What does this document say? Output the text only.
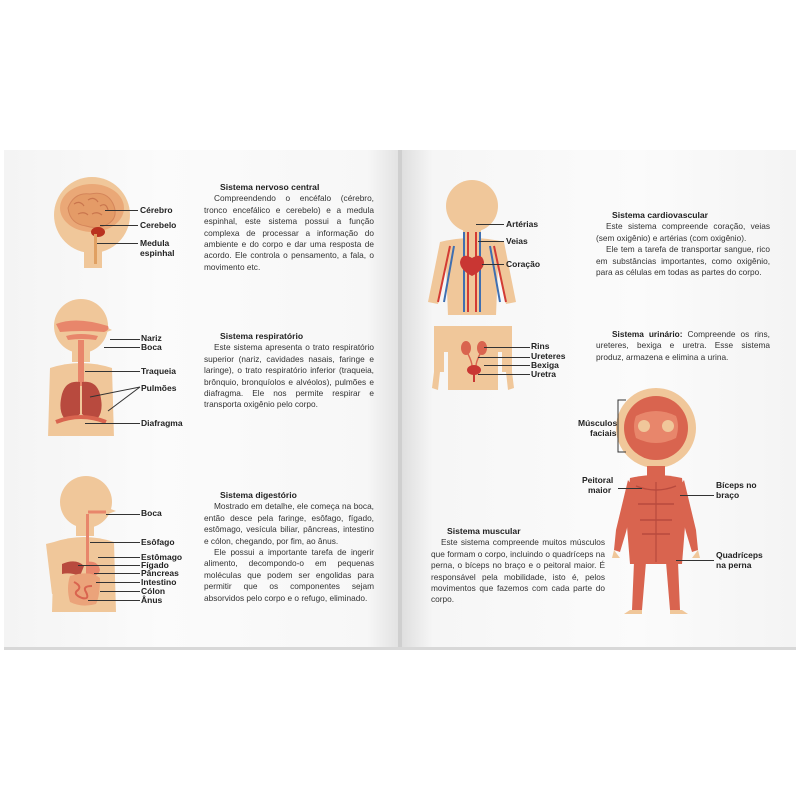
Cérebro
Cerebelo
Medula
espinhal
Sistema nervoso central

Compreendendo o encéfalo (cérebro, tronco encefálico e cerebelo) e a medula espinhal, este sistema possui a função complexa de processar a informação do ambiente e do corpo e dar uma resposta de acordo. Ele controla o pensamento, a fala, o movimento etc.

Nariz
Boca
Traqueia
Pulmões
Diafragma
Sistema respiratório

Este sistema apresenta o trato respiratório superior (nariz, cavidades nasais, faringe e laringe), o trato respiratório inferior (traqueia, brônquio, bronquíolos e alvéolos), pulmões e diafragma. Ele nos permite respirar e transporta oxigênio pelo corpo.

Boca
Esôfago
Estômago
Fígado
Pâncreas
Intestino
Cólon
Ânus
Sistema digestório

Mostrado em detalhe, ele começa na boca, então desce pela faringe, esôfago, fígado, estômago, vesícula biliar, pâncreas, intestino e cólon, chegando, por fim, ao ânus.

Ele possui a importante tarefa de ingerir alimento, decompondo-o em pequenas moléculas que podem ser engolidas para permitir que os componentes sejam absorvidos pelo corpo e o refugo, eliminado.

Artérias
Veias
Coração
Sistema cardiovascular

Este sistema compreende coração, veias (sem oxigênio) e artérias (com oxigênio).

Ele tem a tarefa de transportar sangue, rico em substâncias importantes, como oxigênio, para as células em todas as partes do corpo.

Rins
Ureteres
Bexiga
Uretra

Sistema urinário: Compreende os rins, ureteres, bexiga e uretra. Esse sistema produz, armazena e elimina a urina.

Músculos
faciais
Peitoral
maior	Bíceps no
braço
Quadríceps
na perna
Sistema muscular

Este sistema compreende muitos músculos que formam o corpo, incluindo o quadríceps na perna, o bíceps no braço e o peitoral maior. É responsável pela mobilidade, isto é, pelos movimentos que fazemos com cada parte do corpo.
